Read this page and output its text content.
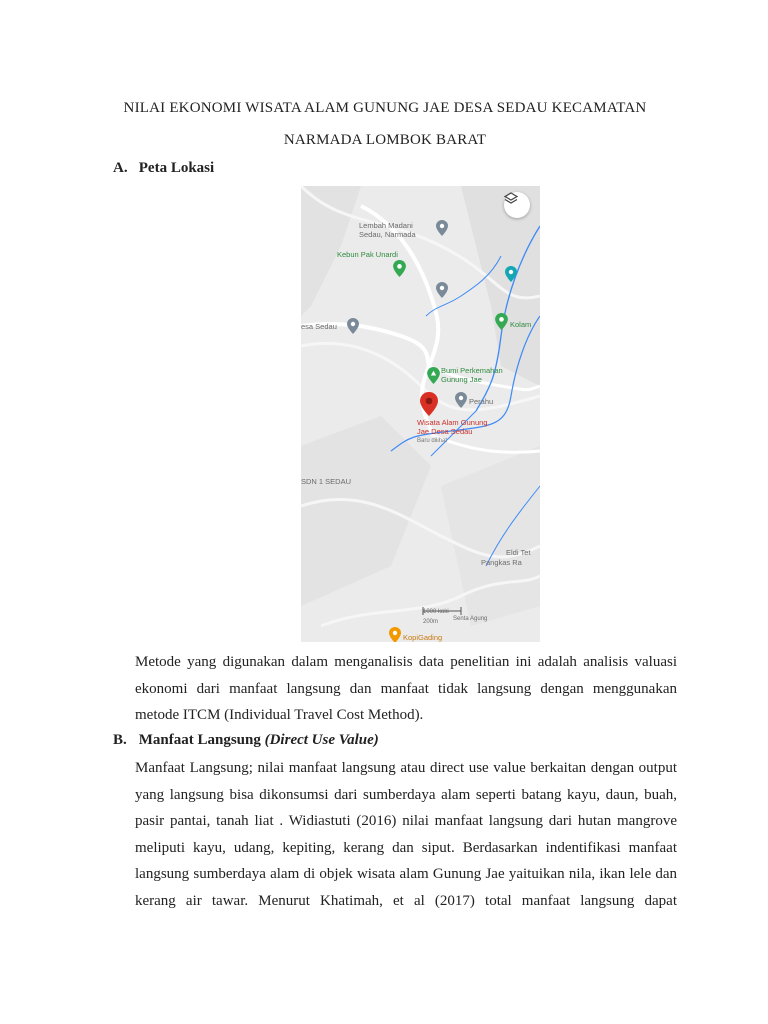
NILAI EKONOMI WISATA ALAM GUNUNG JAE DESA SEDAU KECAMATAN
NARMADA LOMBOK BARAT
A. Peta Lokasi
Lembah Madani
Sedau, Narmada
Kebun Pak Unardi
Kolam
esa Sedau
Bumi Perkemahan
Gunung Jae
Perahu
Wisata Alam Gunung
Jae Desa Sedau
Baru dilihat
SDN 1 SEDAU
Eldi Tet
Pangkas Ra
1000 kaki
200m Senta Agung
KopiGading
Metode yang digunakan dalam menganalisis data penelitian ini adalah analisis valuasi
ekonomi dari manfaat langsung dan manfaat tidak langsung dengan menggunakan
metode ITCM (Individual Travel Cost Method).
B. Manfaat Langsung (Direct Use Value)
Manfaat Langsung; nilai manfaat langsung atau direct use value berkaitan dengan output
yang langsung bisa dikonsumsi dari sumberdaya alam seperti batang kayu, daun, buah,
pasir pantai, tanah liat . Widiastuti (2016) nilai manfaat langsung dari hutan mangrove
meliputi kayu, udang, kepiting, kerang dan siput. Berdasarkan indentifikasi manfaat
langsung sumberdaya alam di objek wisata alam Gunung Jae yaituikan nila, ikan lele dan
kerang air tawar. Menurut Khatimah, et al (2017) total manfaat langsung dapat
